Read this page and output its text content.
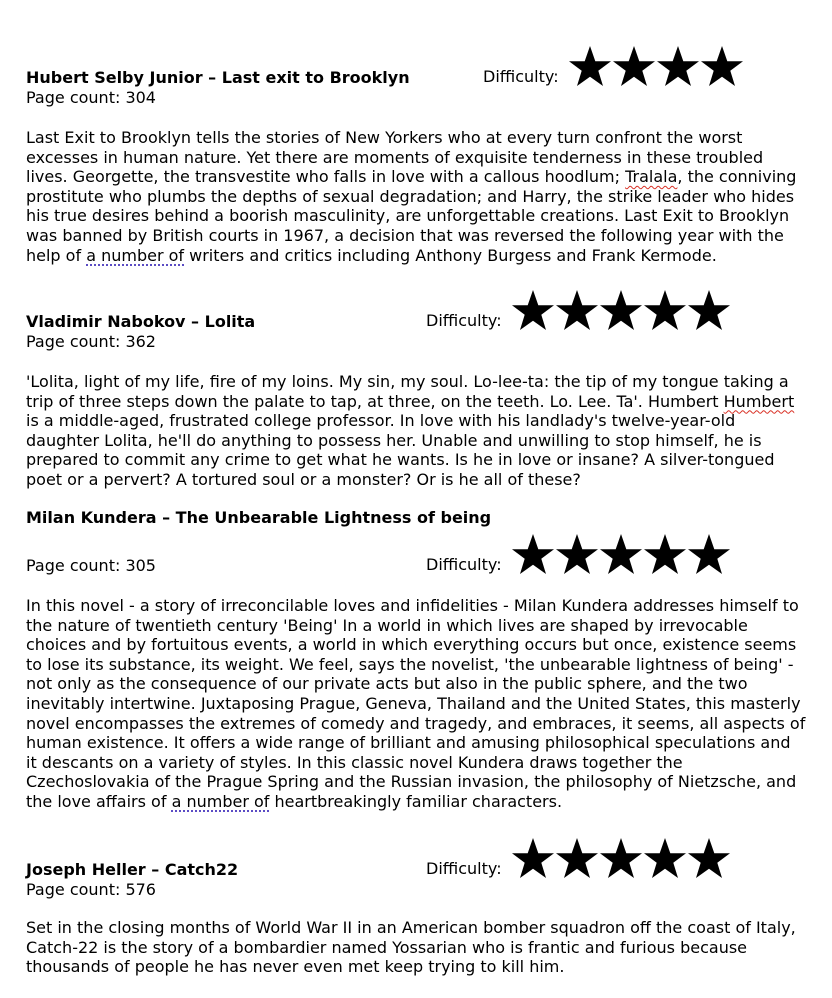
Hubert Selby Junior – Last exit to Brooklyn	Difficulty:
Page count: 304

Last Exit to Brooklyn tells the stories of New Yorkers who at every turn confront the worst excesses in human nature. Yet there are moments of exquisite tenderness in these troubled lives. Georgette, the transvestite who falls in love with a callous hoodlum; Tralala, the conniving prostitute who plumbs the depths of sexual degradation; and Harry, the strike leader who hides his true desires behind a boorish masculinity, are unforgettable creations. Last Exit to Brooklyn was banned by British courts in 1967, a decision that was reversed the following year with the help of a number of writers and critics including Anthony Burgess and Frank Kermode.

Vladimir Nabokov – Lolita	Difficulty:
Page count: 362

'Lolita, light of my life, fire of my loins. My sin, my soul. Lo-lee-ta: the tip of my tongue taking a trip of three steps down the palate to tap, at three, on the teeth. Lo. Lee. Ta'. Humbert Humbert is a middle-aged, frustrated college professor. In love with his landlady's twelve-year-old daughter Lolita, he'll do anything to possess her. Unable and unwilling to stop himself, he is prepared to commit any crime to get what he wants. Is he in love or insane? A silver-tongued poet or a pervert? A tortured soul or a monster? Or is he all of these?

Milan Kundera – The Unbearable Lightness of being
Difficulty:
Page count: 305

In this novel - a story of irreconcilable loves and infidelities - Milan Kundera addresses himself to the nature of twentieth century 'Being' In a world in which lives are shaped by irrevocable choices and by fortuitous events, a world in which everything occurs but once, existence seems to lose its substance, its weight. We feel, says the novelist, 'the unbearable lightness of being' - not only as the consequence of our private acts but also in the public sphere, and the two inevitably intertwine. Juxtaposing Prague, Geneva, Thailand and the United States, this masterly novel encompasses the extremes of comedy and tragedy, and embraces, it seems, all aspects of human existence. It offers a wide range of brilliant and amusing philosophical speculations and it descants on a variety of styles. In this classic novel Kundera draws together the Czechoslovakia of the Prague Spring and the Russian invasion, the philosophy of Nietzsche, and the love affairs of a number of heartbreakingly familiar characters.

Joseph Heller – Catch22	Difficulty:
Page count: 576

Set in the closing months of World War II in an American bomber squadron off the coast of Italy, Catch-22 is the story of a bombardier named Yossarian who is frantic and furious because thousands of people he has never even met keep trying to kill him.
